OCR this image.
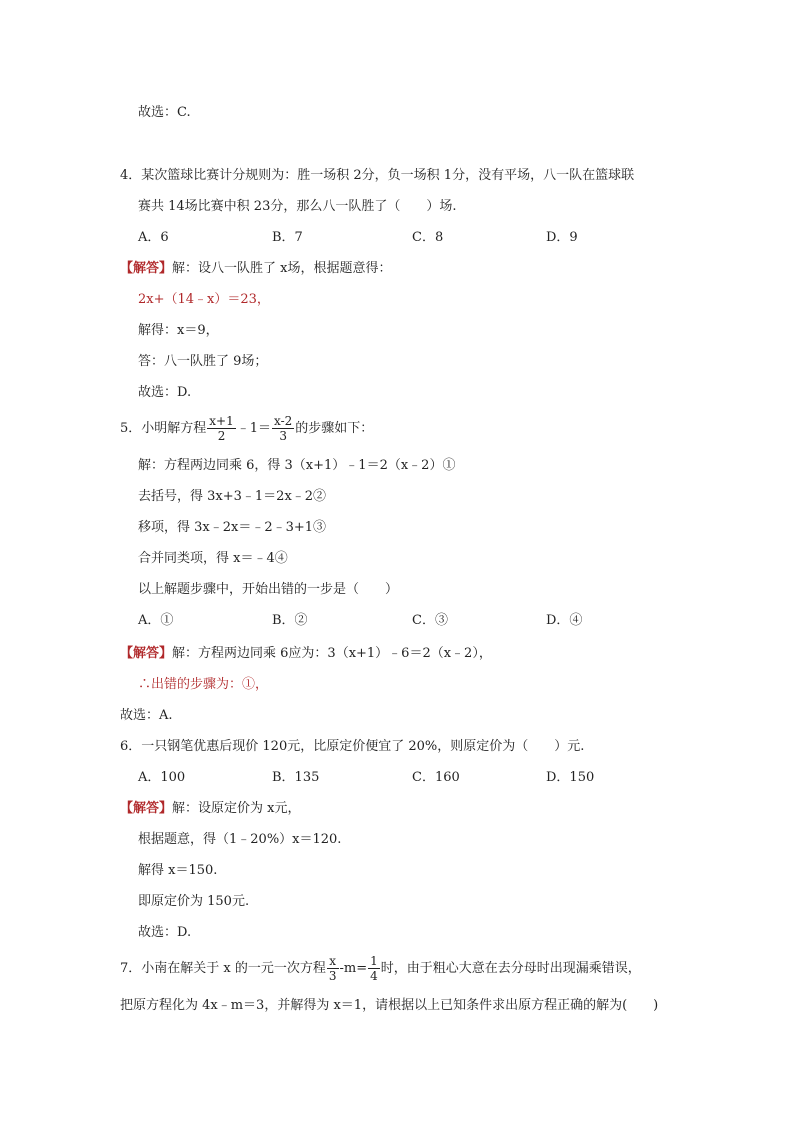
故选：C.
4．某次篮球比赛计分规则为：胜一场积 2分，负一场积 1分，没有平场，八一队在篮球联
赛共 14场比赛中积 23分，那么八一队胜了（　　）场.
A．6	B．7	C．8	D．9
【解答】解：设八一队胜了 x场，根据题意得：
2x+（14﹣x）＝23，
解得：x＝9，
答：八一队胜了 9场；
故选：D.
5．小明解方程 $\frac{x+1}{2}$ ﹣1＝ $\frac{x-2}{3}$ 的步骤如下：
解：方程两边同乘 6，得 3（x+1）﹣1＝2（x﹣2）①
去括号，得 3x+3﹣1＝2x﹣2②
移项，得 3x﹣2x＝﹣2﹣3+1③
合并同类项，得 x＝﹣4④
以上解题步骤中，开始出错的一步是（　　）
A．①	B．②	C．③	D．④
【解答】解：方程两边同乘 6应为：3（x+1）﹣6＝2（x﹣2），
∴出错的步骤为：①，
故选：A.
6．一只钢笔优惠后现价 120元，比原定价便宜了 20%，则原定价为（　　）元.
A．100	B．135	C．160	D．150
【解答】解：设原定价为 x元，
根据题意，得（1﹣20%）x＝120.
解得 x＝150.
即原定价为 150元.
故选：D.
7．小南在解关于 x 的一元一次方程 $\frac{x}{3} -m= \frac{1}{4}$ 时，由于粗心大意在去分母时出现漏乘错误，
把原方程化为 4x﹣m＝3，并解得为 x＝1，请根据以上已知条件求出原方程正确的解为(　　)
